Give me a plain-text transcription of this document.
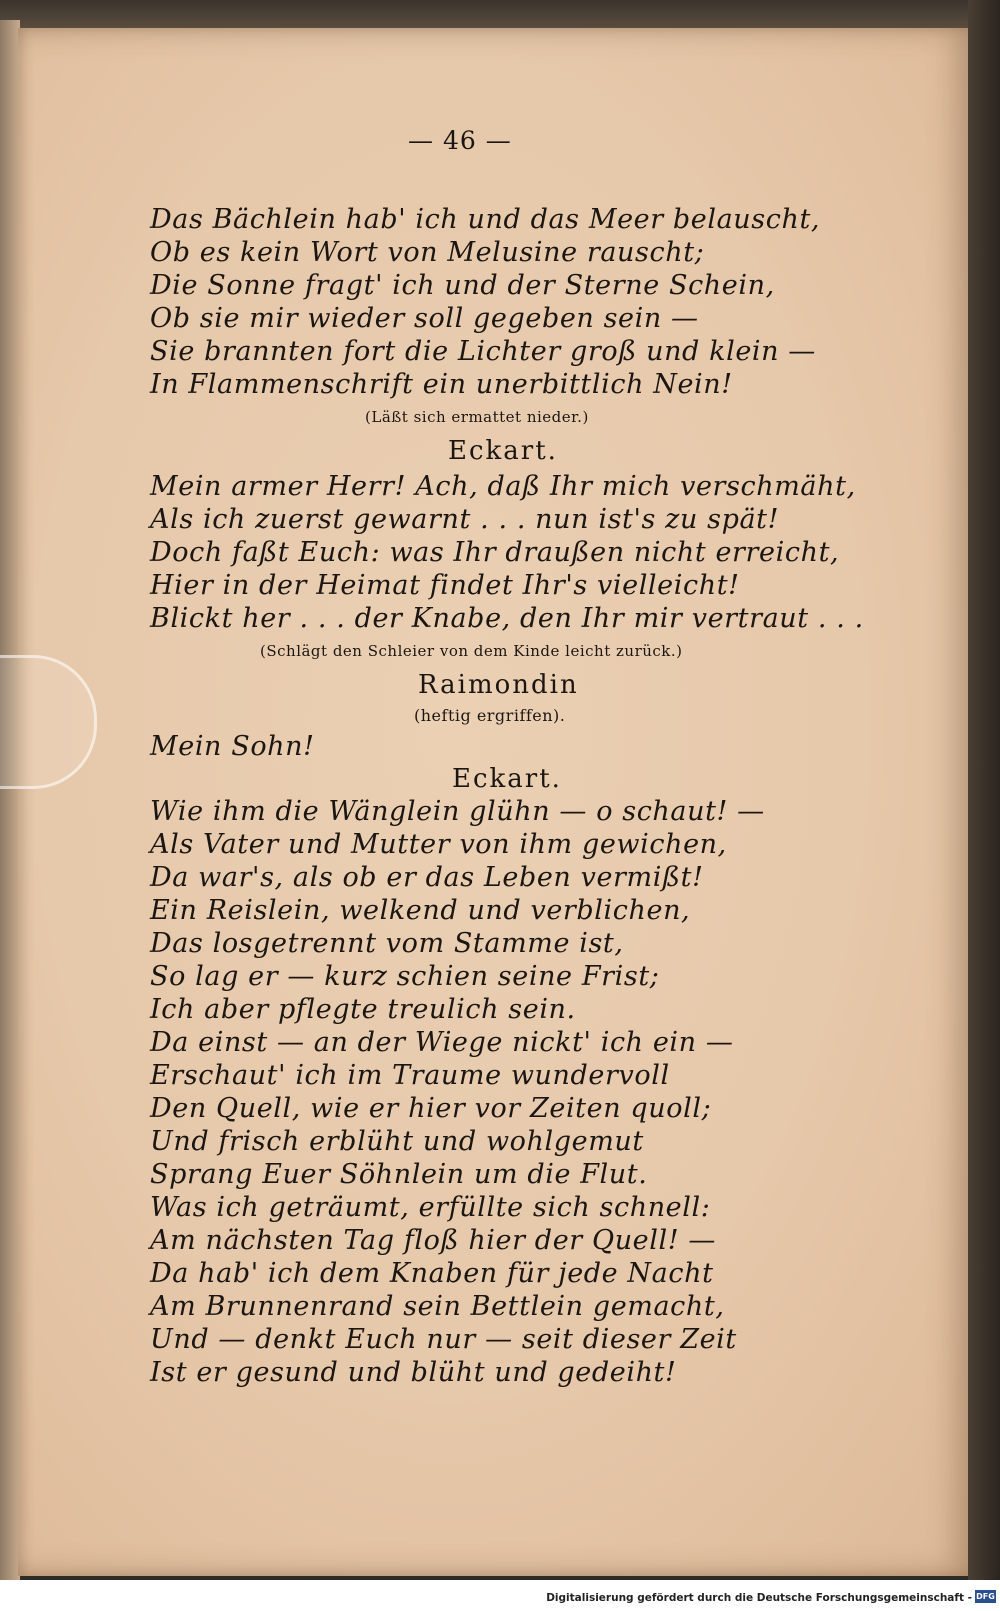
— 46 —
Das Bächlein hab' ich und das Meer belauscht,
Ob es kein Wort von Melusine rauscht;
Die Sonne fragt' ich und der Sterne Schein,
Ob sie mir wieder soll gegeben sein —
Sie brannten fort die Lichter groß und klein —
In Flammenschrift ein unerbittlich Nein!
(Läßt sich ermattet nieder.)
Eckart.
Mein armer Herr! Ach, daß Ihr mich verschmäht,
Als ich zuerst gewarnt . . . nun ist's zu spät!
Doch faßt Euch: was Ihr draußen nicht erreicht,
Hier in der Heimat findet Ihr's vielleicht!
Blickt her . . . der Knabe, den Ihr mir vertraut . . .
(Schlägt den Schleier von dem Kinde leicht zurück.)
Raimondin
(heftig ergriffen).
Mein Sohn!
Eckart.
Wie ihm die Wänglein glühn — o schaut! —
Als Vater und Mutter von ihm gewichen,
Da war's, als ob er das Leben vermißt!
Ein Reislein, welkend und verblichen,
Das losgetrennt vom Stamme ist,
So lag er — kurz schien seine Frist;
Ich aber pflegte treulich sein.
Da einst — an der Wiege nickt' ich ein —
Erschaut' ich im Traume wundervoll
Den Quell, wie er hier vor Zeiten quoll;
Und frisch erblüht und wohlgemut
Sprang Euer Söhnlein um die Flut.
Was ich geträumt, erfüllte sich schnell:
Am nächsten Tag floß hier der Quell! —
Da hab' ich dem Knaben für jede Nacht
Am Brunnenrand sein Bettlein gemacht,
Und — denkt Euch nur — seit dieser Zeit
Ist er gesund und blüht und gedeiht!
Digitalisierung gefördert durch die Deutsche Forschungsgemeinschaft - DFG
